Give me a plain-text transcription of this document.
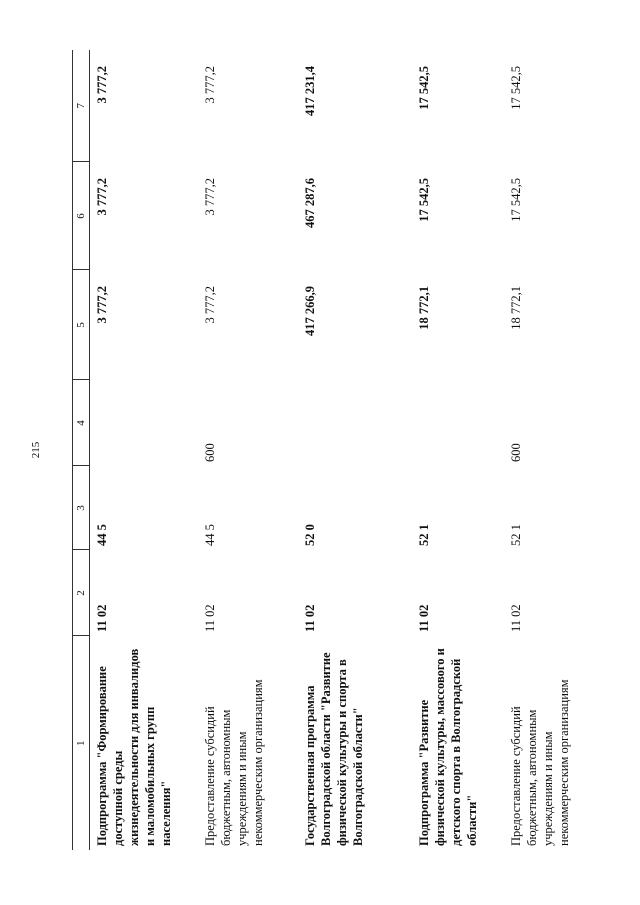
215
1	2	3	4	5	6	7
Подпрограмма "Формирование доступной среды жизнедеятельности для инвалидов и маломобильных групп населения"	11 02	44 5		3 777,2	3 777,2	3 777,2
Предоставление субсидий бюджетным, автономным учреждениям и иным некоммерческим организациям	11 02	44 5	600	3 777,2	3 777,2	3 777,2
Государственная программа Волгоградской области "Развитие физической культуры и спорта в Волгоградской области"	11 02	52 0		417 266,9	467 287,6	417 231,4
Подпрограмма "Развитие физической культуры, массового и детского спорта в Волгоградской области"	11 02	52 1		18 772,1	17 542,5	17 542,5
Предоставление субсидий бюджетным, автономным учреждениям и иным некоммерческим организациям	11 02	52 1	600	18 772,1	17 542,5	17 542,5
